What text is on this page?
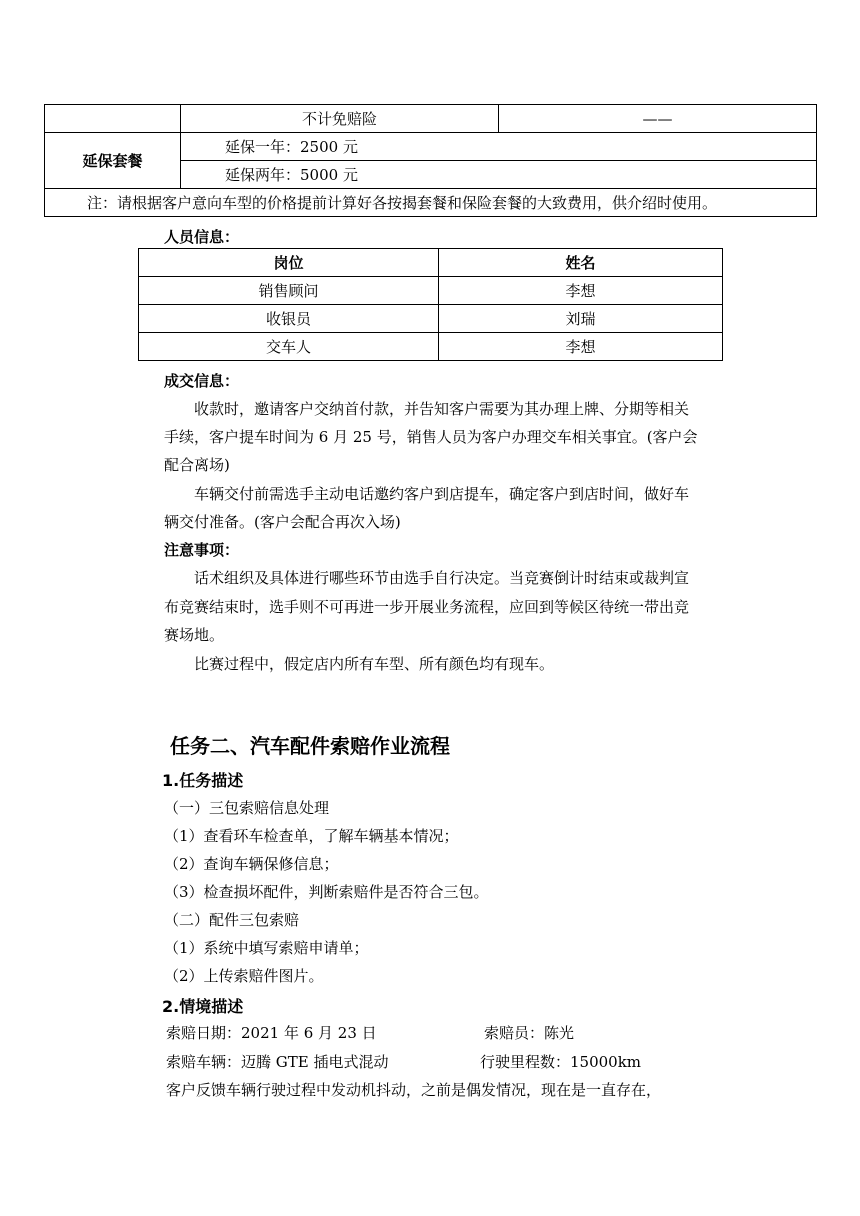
	不计免赔险	——
延保套餐	延保一年：2500 元	
	延保两年：5000 元	
注：请根据客户意向车型的价格提前计算好各按揭套餐和保险套餐的大致费用，供介绍时使用。		
人员信息：
岗位	姓名
销售顾问	李想
收银员	刘瑞
交车人	李想
成交信息：
收款时，邀请客户交纳首付款，并告知客户需要为其办理上牌、分期等相关
手续，客户提车时间为 6 月 25 号，销售人员为客户办理交车相关事宜。(客户会
配合离场)
车辆交付前需选手主动电话邀约客户到店提车，确定客户到店时间，做好车
辆交付准备。(客户会配合再次入场)
注意事项：
话术组织及具体进行哪些环节由选手自行决定。当竞赛倒计时结束或裁判宣
布竞赛结束时，选手则不可再进一步开展业务流程，应回到等候区待统一带出竞
赛场地。
比赛过程中，假定店内所有车型、所有颜色均有现车。
任务二、汽车配件索赔作业流程
1.任务描述
（一）三包索赔信息处理
（1）查看环车检查单，了解车辆基本情况；
（2）查询车辆保修信息；
（3）检查损坏配件，判断索赔件是否符合三包。
（二）配件三包索赔
（1）系统中填写索赔申请单；
（2）上传索赔件图片。
2.情境描述
索赔日期：2021 年 6 月 23 日	索赔员：陈光
索赔车辆：迈腾 GTE 插电式混动	行驶里程数：15000km
客户反馈车辆行驶过程中发动机抖动，之前是偶发情况，现在是一直存在，
